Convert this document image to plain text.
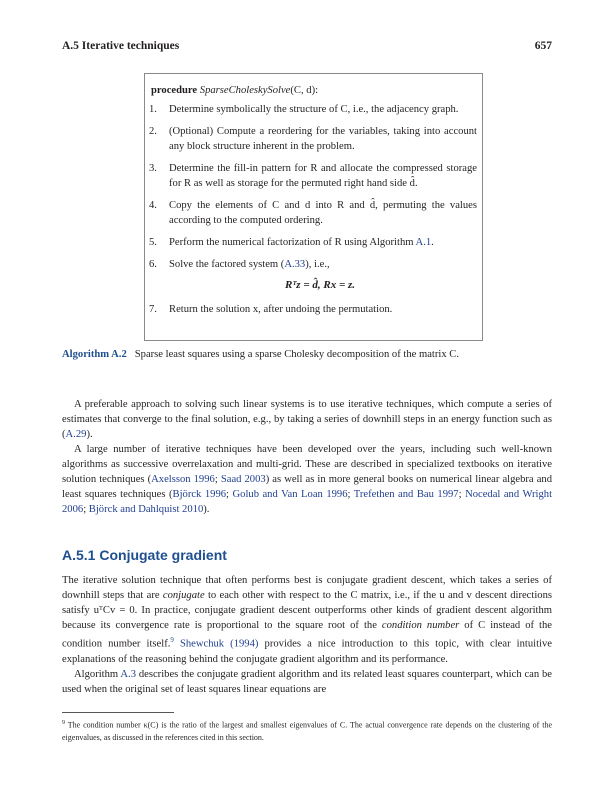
A.5 Iterative techniques	657
procedure SparseCholeskySolve(C, d):
1.	Determine symbolically the structure of C, i.e., the adjacency graph.
2.	(Optional) Compute a reordering for the variables, taking into account any block structure inherent in the problem.
3.	Determine the fill-in pattern for R and allocate the compressed storage for R as well as storage for the permuted right hand side d̂.
4.	Copy the elements of C and d into R and d̂, permuting the values according to the computed ordering.
5.	Perform the numerical factorization of R using Algorithm A.1.
6.	Solve the factored system (A.33), i.e.,
Rᵀz = d̂, Rx = z.
7.	Return the solution x, after undoing the permutation.
Algorithm A.2 Sparse least squares using a sparse Cholesky decomposition of the matrix C.

A preferable approach to solving such linear systems is to use iterative techniques, which compute a series of estimates that converge to the final solution, e.g., by taking a series of downhill steps in an energy function such as (A.29).

A large number of iterative techniques have been developed over the years, including such well-known algorithms as successive overrelaxation and multi-grid. These are described in specialized textbooks on iterative solution techniques (Axelsson 1996; Saad 2003) as well as in more general books on numerical linear algebra and least squares techniques (Björck 1996; Golub and Van Loan 1996; Trefethen and Bau 1997; Nocedal and Wright 2006; Björck and Dahlquist 2010).

A.5.1 Conjugate gradient

The iterative solution technique that often performs best is conjugate gradient descent, which takes a series of downhill steps that are conjugate to each other with respect to the C matrix, i.e., if the u and v descent directions satisfy uᵀCv = 0. In practice, conjugate gradient descent outperforms other kinds of gradient descent algorithm because its convergence rate is proportional to the square root of the condition number of C instead of the condition number itself.$^9$ Shewchuk (1994) provides a nice introduction to this topic, with clear intuitive explanations of the reasoning behind the conjugate gradient algorithm and its performance.

Algorithm A.3 describes the conjugate gradient algorithm and its related least squares counterpart, which can be used when the original set of least squares linear equations are

$^9$ The condition number κ(C) is the ratio of the largest and smallest eigenvalues of C. The actual convergence rate depends on the clustering of the eigenvalues, as discussed in the references cited in this section.
